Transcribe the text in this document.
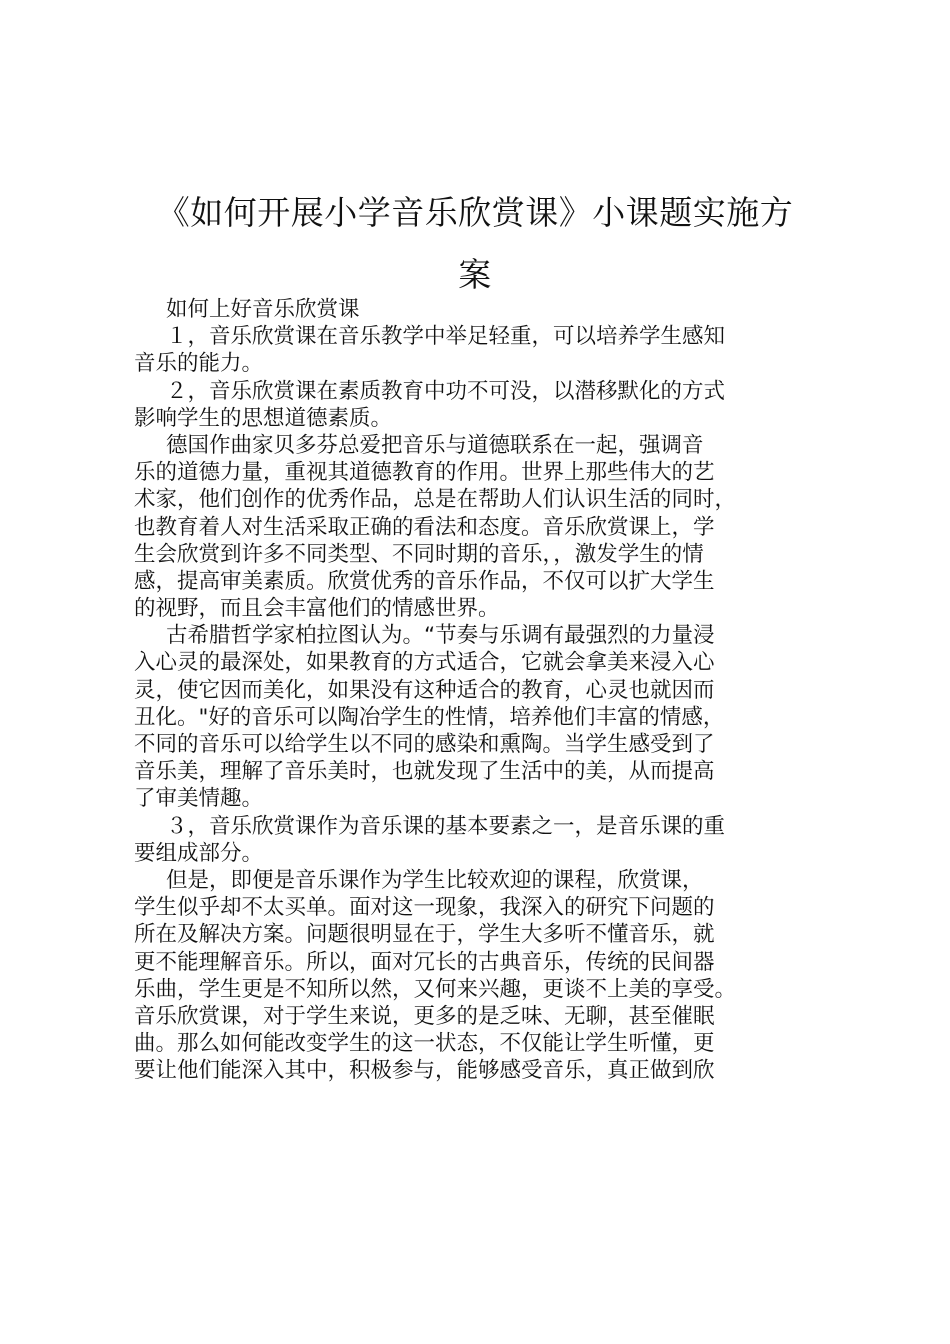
《如何开展小学音乐欣赏课》小课题实施方
案
如何上好音乐欣赏课
１，音乐欣赏课在音乐教学中举足轻重，可以培养学生感知
音乐的能力。
２，音乐欣赏课在素质教育中功不可没，以潜移默化的方式
影响学生的思想道德素质。
德国作曲家贝多芬总爱把音乐与道德联系在一起，强调音
乐的道德力量，重视其道德教育的作用。世界上那些伟大的艺
术家，他们创作的优秀作品，总是在帮助人们认识生活的同时，
也教育着人对生活采取正确的看法和态度。音乐欣赏课上，学
生会欣赏到许多不同类型、不同时期的音乐，，激发学生的情
感，提高审美素质。欣赏优秀的音乐作品，不仅可以扩大学生
的视野，而且会丰富他们的情感世界。
古希腊哲学家柏拉图认为。“节奏与乐调有最强烈的力量浸
入心灵的最深处，如果教育的方式适合，它就会拿美来浸入心
灵，使它因而美化，如果没有这种适合的教育，心灵也就因而
丑化。"好的音乐可以陶冶学生的性情，培养他们丰富的情感，
不同的音乐可以给学生以不同的感染和熏陶。当学生感受到了
音乐美，理解了音乐美时，也就发现了生活中的美，从而提高
了审美情趣。
３，音乐欣赏课作为音乐课的基本要素之一，是音乐课的重
要组成部分。
但是，即便是音乐课作为学生比较欢迎的课程，欣赏课，
学生似乎却不太买单。面对这一现象，我深入的研究下问题的
所在及解决方案。问题很明显在于，学生大多听不懂音乐，就
更不能理解音乐。所以，面对冗长的古典音乐，传统的民间器
乐曲，学生更是不知所以然，又何来兴趣，更谈不上美的享受。
音乐欣赏课，对于学生来说，更多的是乏味、无聊，甚至催眠
曲。那么如何能改变学生的这一状态，不仅能让学生听懂，更
要让他们能深入其中，积极参与，能够感受音乐，真正做到欣
